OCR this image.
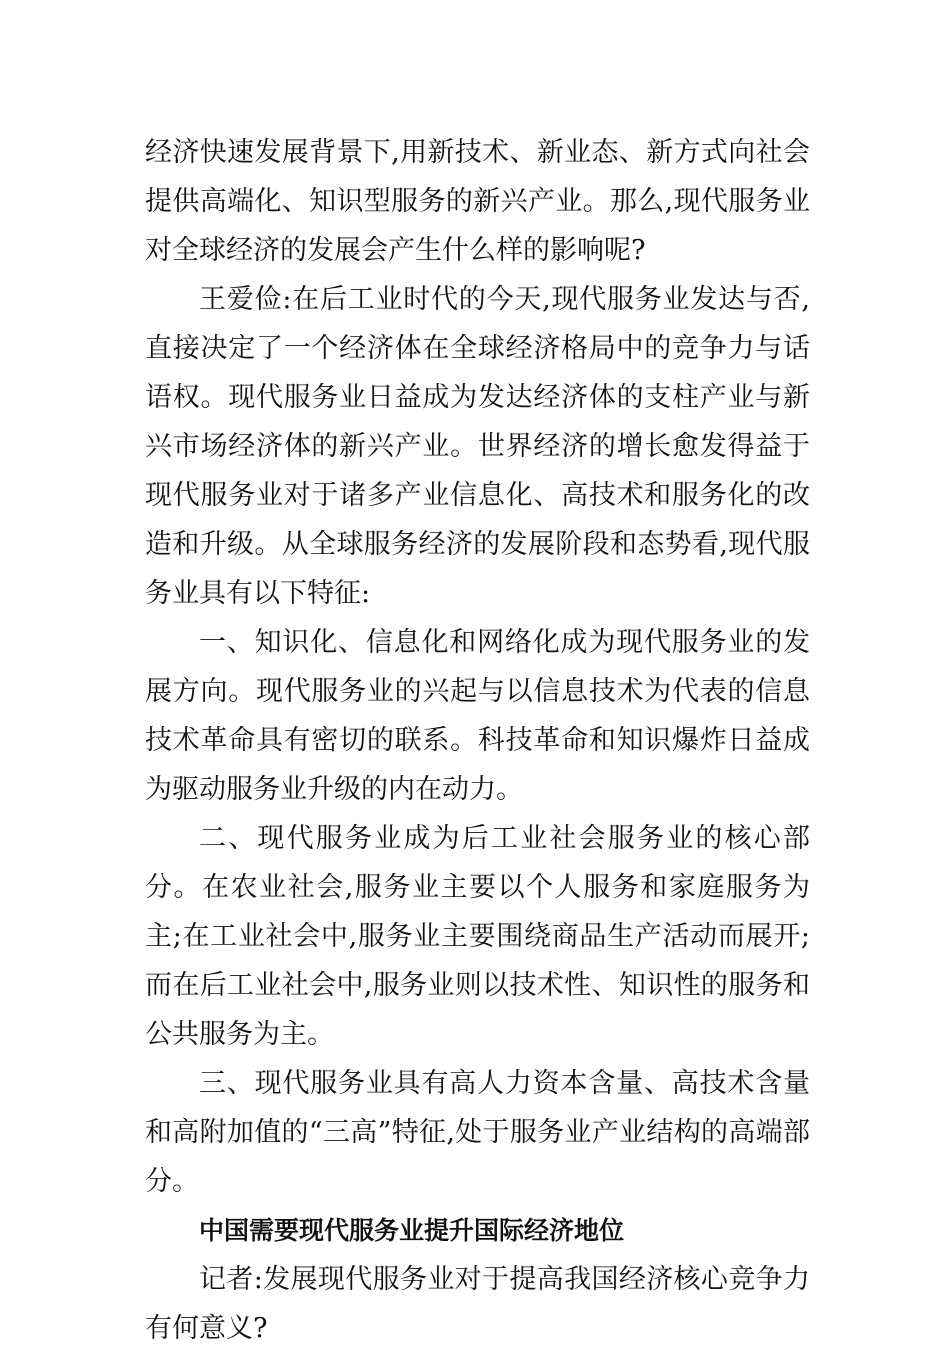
经济快速发展背景下,用新技术、新业态、新方式向社会提供高端化、知识型服务的新兴产业。那么,现代服务业对全球经济的发展会产生什么样的影响呢?

王爱俭:在后工业时代的今天,现代服务业发达与否,直接决定了一个经济体在全球经济格局中的竞争力与话语权。现代服务业日益成为发达经济体的支柱产业与新兴市场经济体的新兴产业。世界经济的增长愈发得益于现代服务业对于诸多产业信息化、高技术和服务化的改造和升级。从全球服务经济的发展阶段和态势看,现代服务业具有以下特征:

一、知识化、信息化和网络化成为现代服务业的发展方向。现代服务业的兴起与以信息技术为代表的信息技术革命具有密切的联系。科技革命和知识爆炸日益成为驱动服务业升级的内在动力。

二、现代服务业成为后工业社会服务业的核心部分。在农业社会,服务业主要以个人服务和家庭服务为主;在工业社会中,服务业主要围绕商品生产活动而展开;而在后工业社会中,服务业则以技术性、知识性的服务和公共服务为主。

三、现代服务业具有高人力资本含量、高技术含量和高附加值的“三高”特征,处于服务业产业结构的高端部分。

中国需要现代服务业提升国际经济地位

记者:发展现代服务业对于提高我国经济核心竞争力有何意义?
